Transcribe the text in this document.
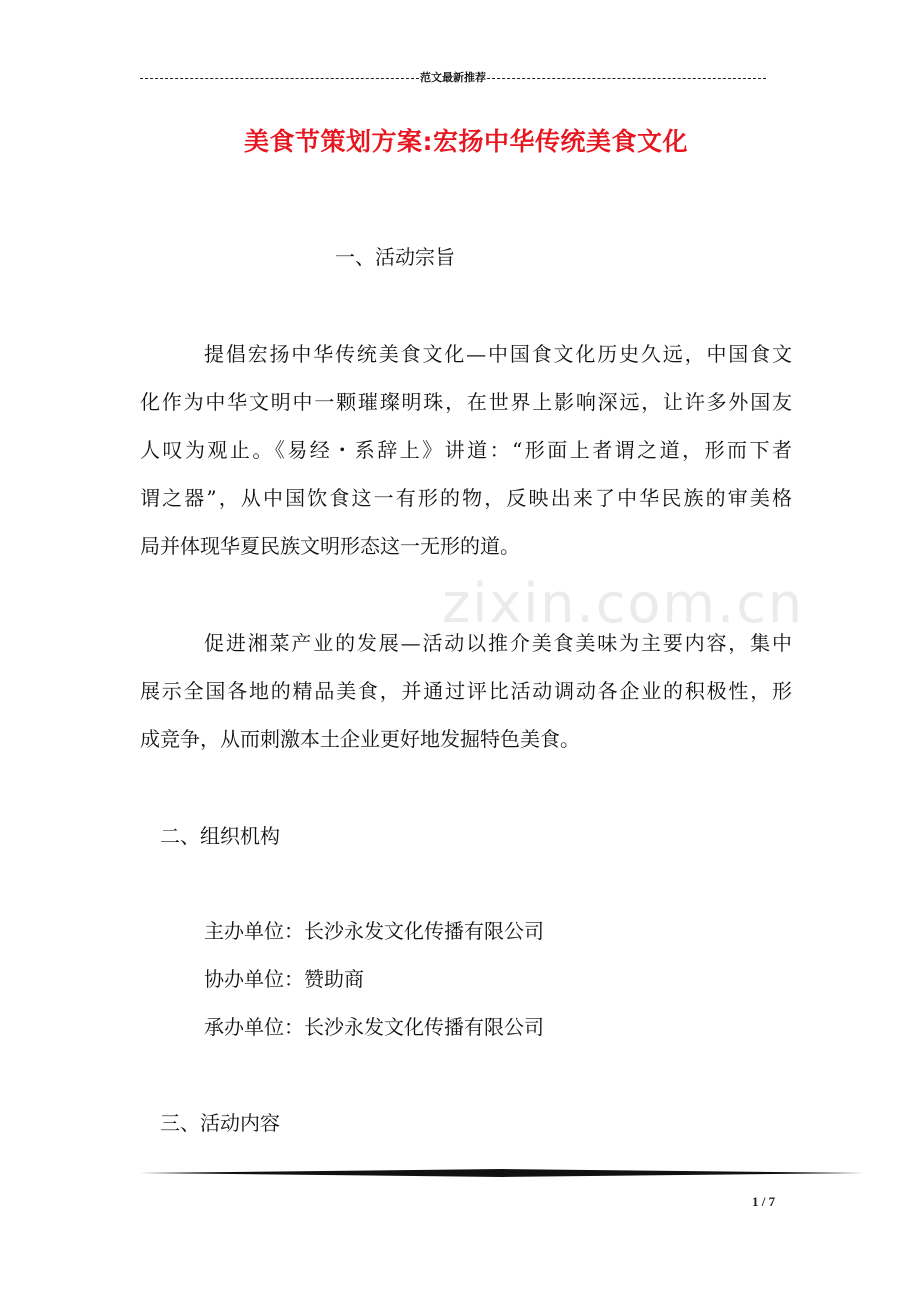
范文最新推荐
美食节策划方案:宏扬中华传统美食文化
一、活动宗旨
提倡宏扬中华传统美食文化—中国食文化历史久远，中国食文
化作为中华文明中一颗璀璨明珠，在世界上影响深远，让许多外国友
人叹为观止。《易经・系辞上》讲道：“形面上者谓之道，形而下者
谓之器”，从中国饮食这一有形的物，反映出来了中华民族的审美格
局并体现华夏民族文明形态这一无形的道。
zixin.com.cn
促进湘菜产业的发展—活动以推介美食美味为主要内容，集中
展示全国各地的精品美食，并通过评比活动调动各企业的积极性，形
成竞争，从而刺激本土企业更好地发掘特色美食。
二、组织机构
主办单位：长沙永发文化传播有限公司
协办单位：赞助商
承办单位：长沙永发文化传播有限公司
三、活动内容
1 / 7
